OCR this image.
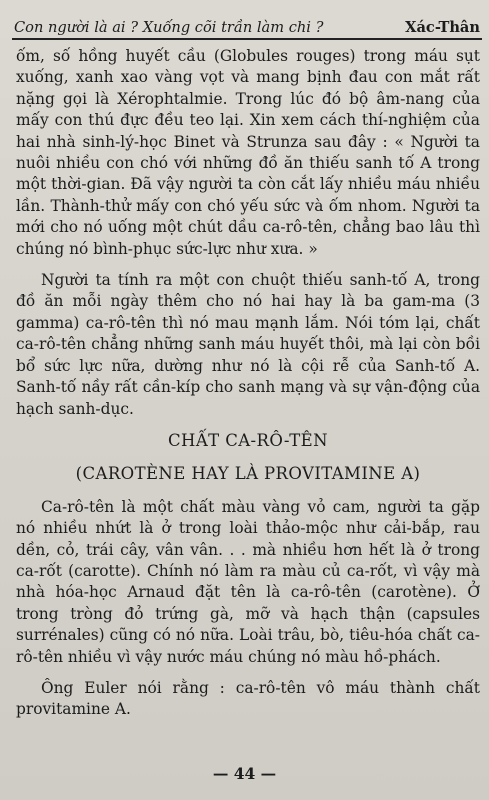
Con người là ai ? Xuống cõi trần làm chi ?	Xác-Thân

ốm, số hồng huyết cầu (Globules rouges) trong máu sụt xuống, xanh xao vàng vọt và mang bịnh đau con mắt rất nặng gọi là Xérophtalmie. Trong lúc đó bộ âm-nang của mấy con thú đực đều teo lại. Xin xem cách thí-nghiệm của hai nhà sinh-lý-học Binet và Strunza sau đây : « Người ta nuôi nhiều con chó với những đồ ăn thiếu sanh tố A trong một thời-gian. Đã vậy người ta còn cắt lấy nhiều máu nhiều lần. Thành-thử mấy con chó yếu sức và ốm nhom. Người ta mới cho nó uống một chút dầu ca-rô-tên, chẳng bao lâu thì chúng nó bình-phục sức-lực như xưa. »

Người ta tính ra một con chuột thiếu sanh-tố A, trong đồ ăn mỗi ngày thêm cho nó hai hay là ba gam-ma (3 gamma) ca-rô-tên thì nó mau mạnh lắm. Nói tóm lại, chất ca-rô-tên chẳng những sanh máu huyết thôi, mà lại còn bồi bổ sức lực nữa, dường như nó là cội rễ của Sanh-tố A. Sanh-tố nầy rất cần-kíp cho sanh mạng và sự vận-động của hạch sanh-dục.

CHẤT CA-RÔ-TÊN
(CAROTÈNE HAY LÀ PROVITAMINE A)

Ca-rô-tên là một chất màu vàng vỏ cam, người ta gặp nó nhiều nhứt là ở trong loài thảo-mộc như cải-bắp, rau dền, cỏ, trái cây, vân vân. . . mà nhiều hơn hết là ở trong ca-rốt (carotte). Chính nó làm ra màu củ ca-rốt, vì vậy mà nhà hóa-học Arnaud đặt tên là ca-rô-tên (carotène). Ở trong tròng đỏ trứng gà, mỡ và hạch thận (capsules surrénales) cũng có nó nữa. Loài trâu, bò, tiêu-hóa chất ca-rô-tên nhiều vì vậy nước máu chúng nó màu hồ-phách.

Ông Euler nói rằng : ca-rô-tên vô máu thành chất provitamine A.

— 44 —
